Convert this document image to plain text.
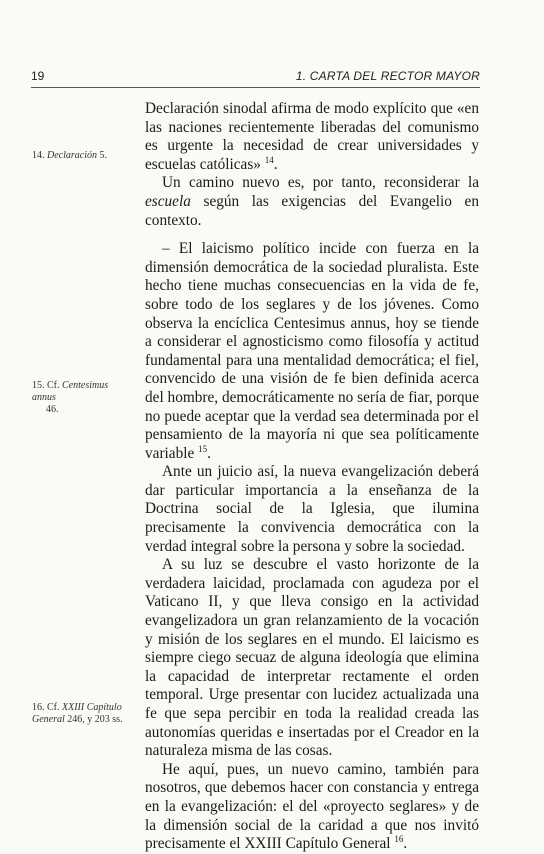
19	1. CARTA DEL RECTOR MAYOR
14. Declaración 5.
15. Cf. Centesimus annus
46.
16. Cf. XXIII Capítulo General 246, y 203 ss.

Declaración sinodal afirma de modo explícito que «en las naciones recientemente liberadas del comunismo es urgente la necesidad de crear universidades y escuelas católicas» $^{14}$.

Un camino nuevo es, por tanto, reconsiderar la escuela según las exigencias del Evangelio en contexto.

– El laicismo político incide con fuerza en la dimensión democrática de la sociedad pluralista. Este hecho tiene muchas consecuencias en la vida de fe, sobre todo de los seglares y de los jóvenes. Como observa la encíclica Centesimus annus, hoy se tiende a considerar el agnosticismo como filosofía y actitud fundamental para una mentalidad democrática; el fiel, convencido de una visión de fe bien definida acerca del hombre, democráticamente no sería de fiar, porque no puede aceptar que la verdad sea determinada por el pensamiento de la mayoría ni que sea políticamente variable $^{15}$.

Ante un juicio así, la nueva evangelización deberá dar particular importancia a la enseñanza de la Doctrina social de la Iglesia, que ilumina precisamente la convivencia democrática con la verdad integral sobre la persona y sobre la sociedad.

A su luz se descubre el vasto horizonte de la verdadera laicidad, proclamada con agudeza por el Vaticano II, y que lleva consigo en la actividad evangelizadora un gran relanzamiento de la vocación y misión de los seglares en el mundo. El laicismo es siempre ciego secuaz de alguna ideología que elimina la capacidad de interpretar rectamente el orden temporal. Urge presentar con lucidez actualizada una fe que sepa percibir en toda la realidad creada las autonomías queridas e insertadas por el Creador en la naturaleza misma de las cosas.

He aquí, pues, un nuevo camino, también para nosotros, que debemos hacer con constancia y entrega en la evangelización: el del «proyecto seglares» y de la dimensión social de la caridad a que nos invitó precisamente el XXIII Capítulo General $^{16}$.
